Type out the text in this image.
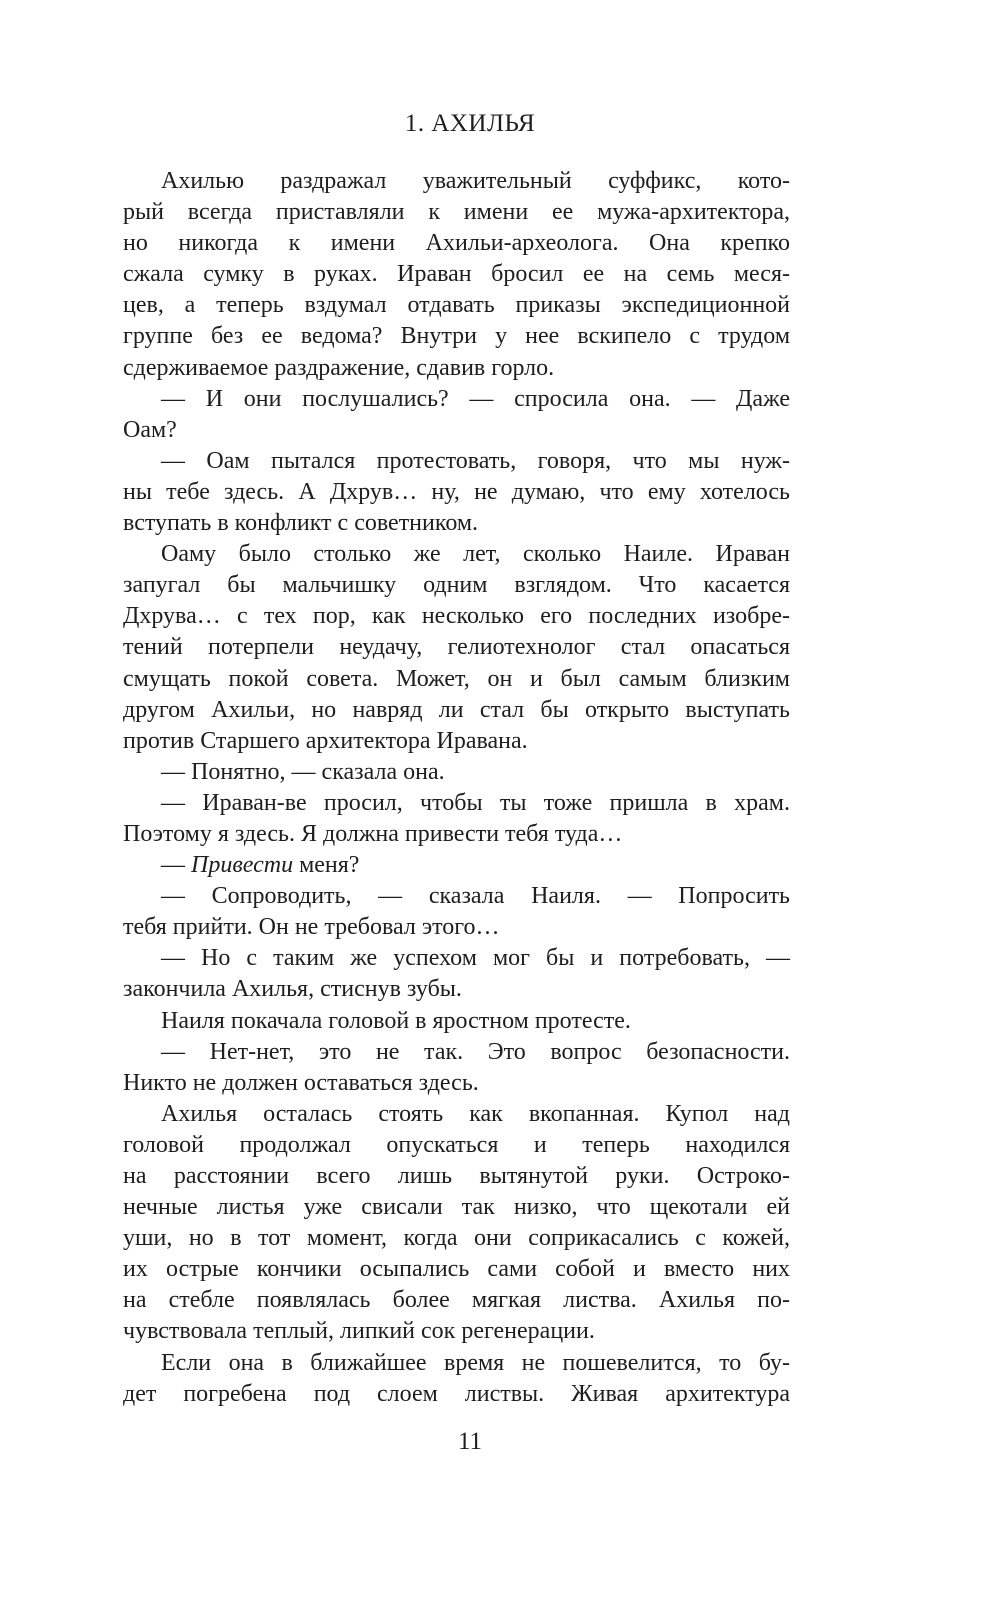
1. АХИЛЬЯ
Ахилью раздражал уважительный суффикс, кото-
рый всегда приставляли к имени ее мужа-архитектора,
но никогда к имени Ахильи-археолога. Она крепко
сжала сумку в руках. Ираван бросил ее на семь меся-
цев, а теперь вздумал отдавать приказы экспедиционной
группе без ее ведома? Внутри у нее вскипело с трудом
сдерживаемое раздражение, сдавив горло.
— И они послушались? — спросила она. — Даже
Оам?
— Оам пытался протестовать, говоря, что мы нуж-
ны тебе здесь. А Дхрув… ну, не думаю, что ему хотелось
вступать в конфликт с советником.
Оаму было столько же лет, сколько Наиле. Ираван
запугал бы мальчишку одним взглядом. Что касается
Дхрува… с тех пор, как несколько его последних изобре-
тений потерпели неудачу, гелиотехнолог стал опасаться
смущать покой совета. Может, он и был самым близким
другом Ахильи, но навряд ли стал бы открыто выступать
против Старшего архитектора Иравана.
— Понятно, — сказала она.
— Ираван-ве просил, чтобы ты тоже пришла в храм.
Поэтому я здесь. Я должна привести тебя туда…
— Привести меня?
— Сопроводить, — сказала Наиля. — Попросить
тебя прийти. Он не требовал этого…
— Но с таким же успехом мог бы и потребовать, —
закончила Ахилья, стиснув зубы.
Наиля покачала головой в яростном протесте.
— Нет-нет, это не так. Это вопрос безопасности.
Никто не должен оставаться здесь.
Ахилья осталась стоять как вкопанная. Купол над
головой продолжал опускаться и теперь находился
на расстоянии всего лишь вытянутой руки. Остроко-
нечные листья уже свисали так низко, что щекотали ей
уши, но в тот момент, когда они соприкасались с кожей,
их острые кончики осыпались сами собой и вместо них
на стебле появлялась более мягкая листва. Ахилья по-
чувствовала теплый, липкий сок регенерации.
Если она в ближайшее время не пошевелится, то бу-
дет погребена под слоем листвы. Живая архитектура
11
